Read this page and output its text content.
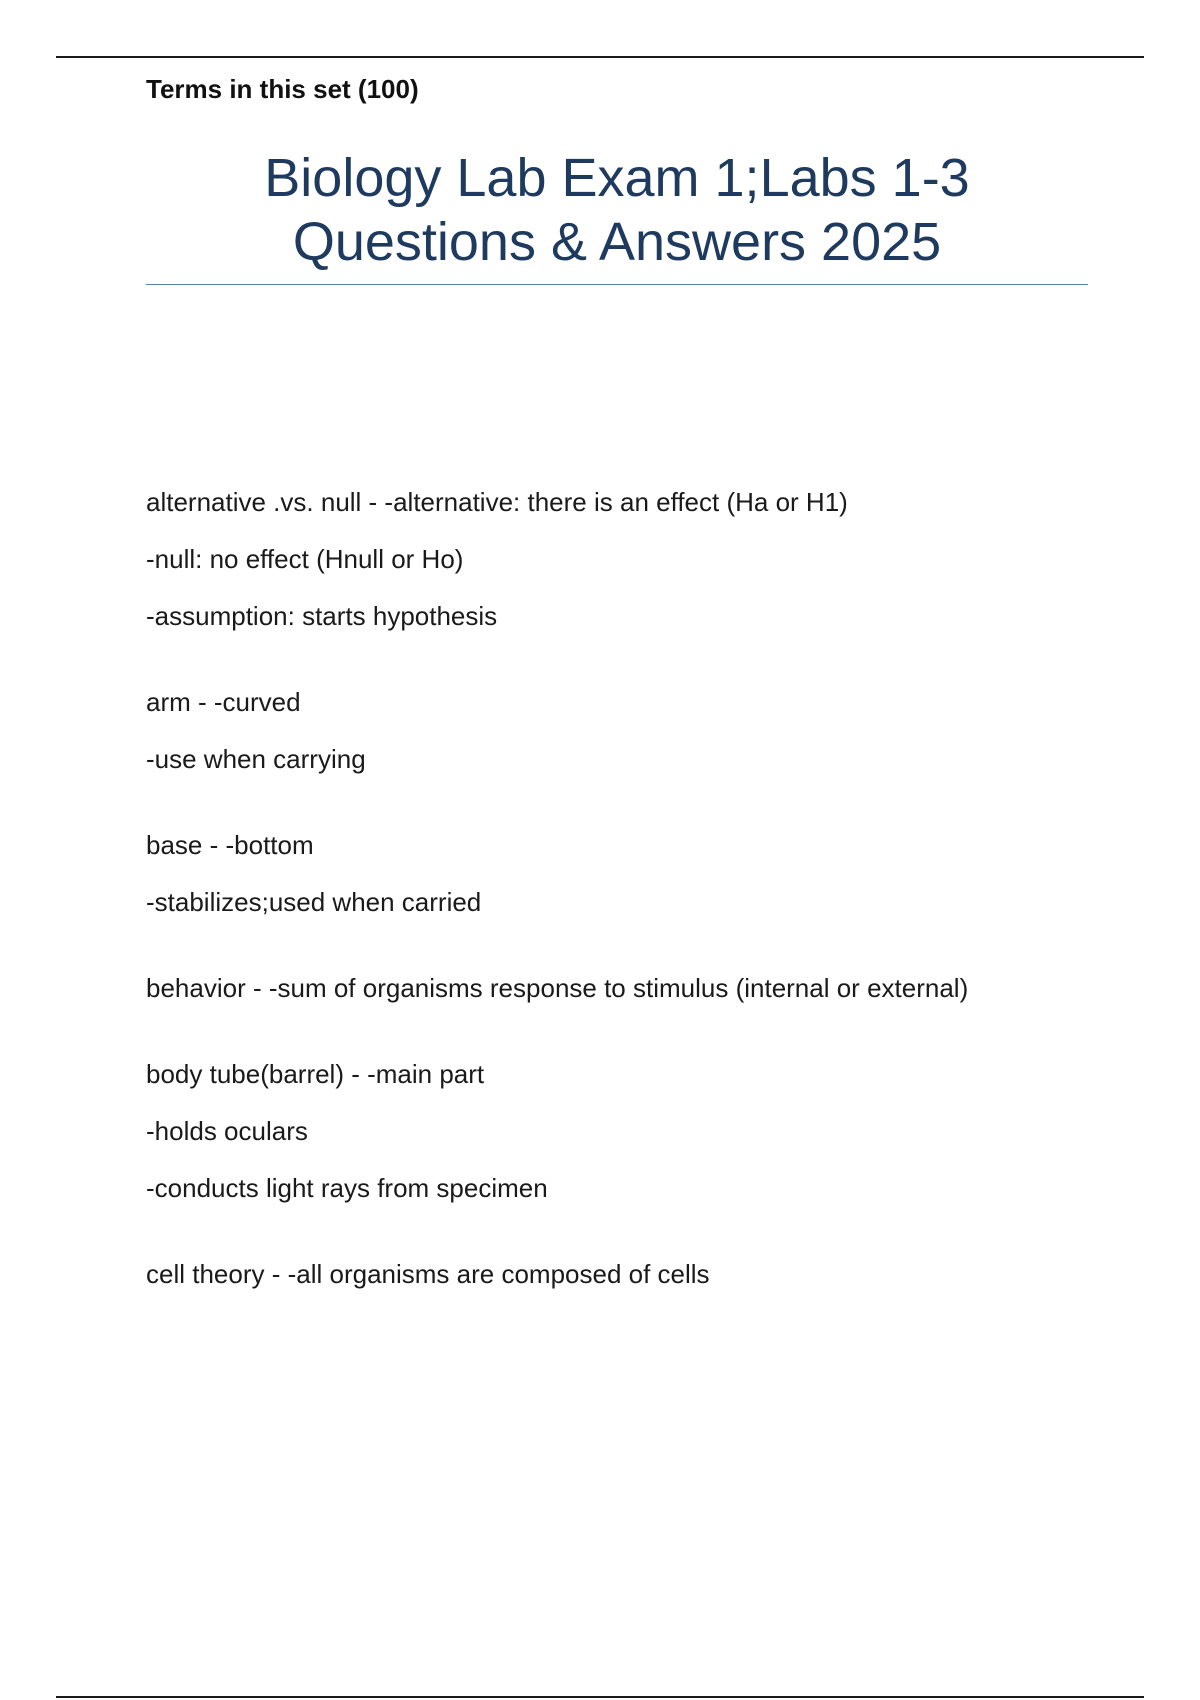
Terms in this set (100)

Biology Lab Exam 1;Labs 1-3
Questions & Answers 2025

alternative .vs. null - -alternative: there is an effect (Ha or H1)

-null: no effect (Hnull or Ho)

-assumption: starts hypothesis

arm - -curved

-use when carrying

base - -bottom

-stabilizes;used when carried

behavior - -sum of organisms response to stimulus (internal or external)

body tube(barrel) - -main part

-holds oculars

-conducts light rays from specimen

cell theory - -all organisms are composed of cells
